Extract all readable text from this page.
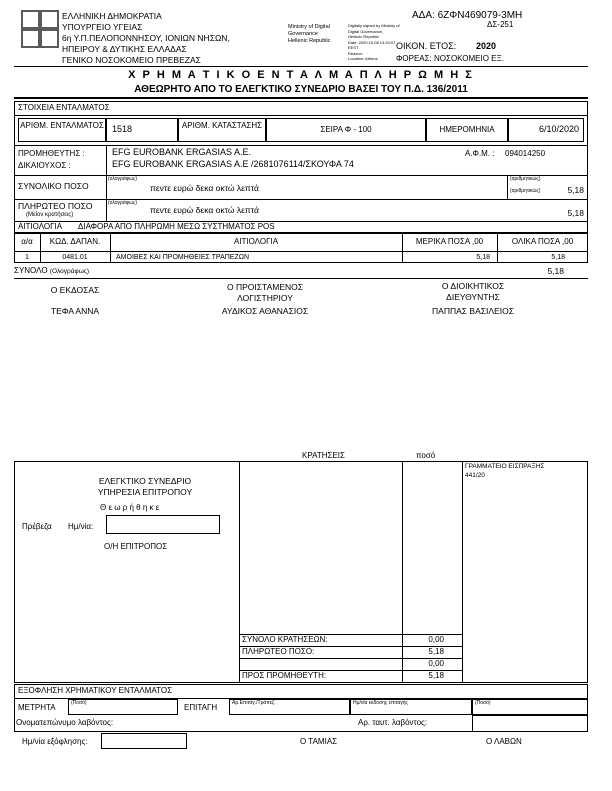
ΕΛΛΗΝΙΚΗ ΔΗΜΟΚΡΑΤΙΑ
ΥΠΟΥΡΓΕΙΟ ΥΓΕΙΑΣ
6η Υ.Π.ΠΕΛΟΠΟΝΝΗΣΟΥ, ΙΟΝΙΩΝ ΝΗΣΩΝ,
ΗΠΕΙΡΟΥ & ΔΥΤΙΚΗΣ ΕΛΛΑΔΑΣ
ΓΕΝΙΚΟ ΝΟΣΟΚΟΜΕΙΟ ΠΡΕΒΕΖΑΣ
Ministry of Digital
Governance
Hellenic Republic
Digitally signed by Ministry of Digital Governance,
Hellenic Republic
Date: 2020.10.08 13:20:07
EEST
Reason:
Location: Athens
ΑΔΑ: 6ΖΦΝ469079-3ΜΗ
ΔΣ-251
ΟΙΚΟΝ. ΕΤΟΣ: 2020
ΦΟΡΕΑΣ: ΝΟΣΟΚΟΜΕΙΟ ΕΞ.
Χ Ρ Η Μ Α Τ Ι Κ Ο Ε Ν Τ Α Λ Μ Α Π Λ Η Ρ Ω Μ Η Σ
ΑΘΕΩΡΗΤΟ ΑΠΟ ΤΟ ΕΛΕΓΚΤΙΚΟ ΣΥΝΕΔΡΙΟ ΒΑΣΕΙ ΤΟΥ Π.Δ. 136/2011
ΣΤΟΙΧΕΙΑ ΕΝΤΑΛΜΑΤΟΣ
ΑΡΙΘΜ. ΕΝΤΑΛΜΑΤΟΣ 1518	ΑΡΙΘΜ. ΚΑΤΑΣΤΑΣΗΣ	ΣΕΙΡΑ Φ - 100	ΗΜΕΡΟΜΗΝΙΑ	6/10/2020
ΠΡΟΜΗΘΕΥΤΗΣ : ΔΙΚΑΙΟΥΧΟΣ :
EFG EUROBANK ERGASIAS A.E.
EFG EUROBANK ERGASIAS A.E /2681076114/ΣΚΟΥΦΑ 74
Α.Φ.Μ. : 094014250
ΣΥΝΟΛΙΚΟ ΠΟΣΟ
(ολογράφως)
πεντε ευρώ δεκα οκτώ λεπτά
(αριθμητικώς)
(αριθμητικώς)	5,18
ΠΛΗΡΩΤΕΟ ΠΟΣΟ
(Μείον κρατήσεις)
(ολογράφως)
πεντε ευρώ δεκα οκτώ λεπτά	5,18
ΑΙΤΙΟΛΟΓΙΑ ΔΙΑΦΟΡΑ ΑΠΟ ΠΛΗΡΩΜΗ ΜΕΣΩ ΣΥΣΤΗΜΑΤΟΣ POS
α/α	ΚΩΔ. ΔΑΠΑΝ.	ΑΙΤΙΟΛΟΓΙΑ	ΜΕΡΙΚΑ ΠΟΣΑ ,00	ΟΛΙΚΑ ΠΟΣΑ ,00
1	0481.01	ΑΜΟΙΒΕΣ ΚΑΙ ΠΡΟΜΗΘΕΙΕΣ ΤΡΑΠΕΖΩΝ	5,18	5,18
ΣΥΝΟΛΟ (Ολογράφως)	5,18
Ο ΕΚΔΟΣΑΣ
ΤΕΦΑ ΑΝΝΑ
Ο ΠΡΟΙΣΤΑΜΕΝΟΣ
ΛΟΓΙΣΤΗΡΙΟΥ
ΑΥΔΙΚΟΣ ΑΘΑΝΑΣΙΟΣ
Ο ΔΙΟΙΚΗΤΙΚΟΣ
ΔΙΕΥΘΥΝΤΗΣ
ΠΑΠΠΑΣ ΒΑΣΙΛΕΙΟΣ
ΚΡΑΤΗΣΕΙΣ	ποσό
ΕΛΕΓΚΤΙΚΟ ΣΥΝΕΔΡΙΟ
ΥΠΗΡΕΣΙΑ ΕΠΙΤΡΟΠΟΥ
Θ ε ω ρ ή θ η κ ε
Πρέβεζα Ημ/νία:
Ο/Η ΕΠΙΤΡΟΠΟΣ
ΓΡΑΜΜΑΤΕΙΟ ΕΙΣΠΡΑΞΗΣ
441/20
ΣΥΝΟΛΟ ΚΡΑΤΗΣΕΩΝ:	0,00
ΠΛΗΡΩΤΕΟ ΠΟΣΟ:	5,18
0,00
ΠΡΟΣ ΠΡΟΜΗΘΕΥΤΗ:	5,18
ΕΞΟΦΛΗΣΗ ΧΡΗΜΑΤΙΚΟΥ ΕΝΤΑΛΜΑΤΟΣ
ΜΕΤΡΗΤΑ	(Ποσό)	ΕΠΙΤΑΓΗ	Αρ.Επιταγ./Τράπεζ.	Ημ/νία εκδοσης επιταγής	(Ποσό)
Ονοματεπώνυμο λαβόντος:	Αρ. ταυτ. λαβόντος:
Ημ/νία εξόφλησης:	Ο ΤΑΜΙΑΣ	Ο ΛΑΒΩΝ
